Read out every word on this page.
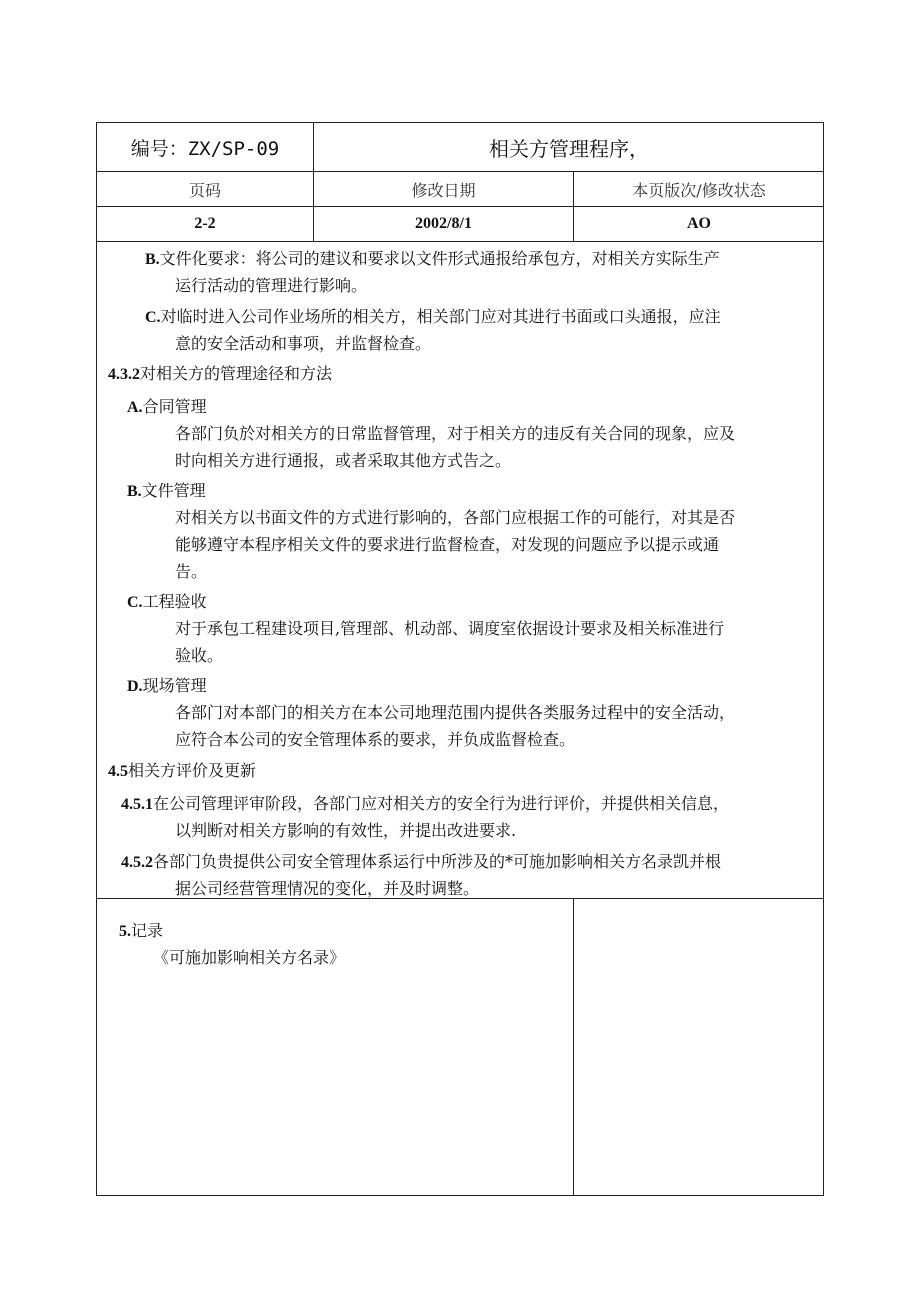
编号：ZX/SP-09	相关方管理程序，
页码	修改日期	本页版次/修改状态
2-2	2002/8/1	AO
B.文件化要求：将公司的建议和要求以文件形式通报给承包方，对相关方实际生产
运行活动的管理进行影响。
C.对临时进入公司作业场所的相关方，相关部门应对其进行书面或口头通报，应注
意的安全活动和事项，并监督检查。
4.3.2对相关方的管理途径和方法
A.合同管理
各部门负於对相关方的日常监督管理，对于相关方的违反有关合同的现象，应及
时向相关方进行通报，或者采取其他方式告之。
B.文件管理
对相关方以书面文件的方式进行影响的，各部门应根据工作的可能行，对其是否
能够遵守本程序相关文件的要求进行监督检查，对发现的问题应予以提示或通
告。
C.工程验收
对于承包工程建设项目,管理部、机动部、调度室依据设计要求及相关标准进行
验收。
D.现场管理
各部门对本部门的相关方在本公司地理范围内提供各类服务过程中的安全活动，
应符合本公司的安全管理体系的要求，并负成监督检查。
4.5相关方评价及更新
4.5.1在公司管理评审阶段，各部门应对相关方的安全行为进行评价，并提供相关信息，
以判断对相关方影响的有效性，并提出改进要求.
4.5.2各部门负贵提供公司安全管理体系运行中所涉及的*可施加影响相关方名录凯并根
据公司经营管理情况的变化，并及时调整。
5.记录
《可施加影响相关方名录》
